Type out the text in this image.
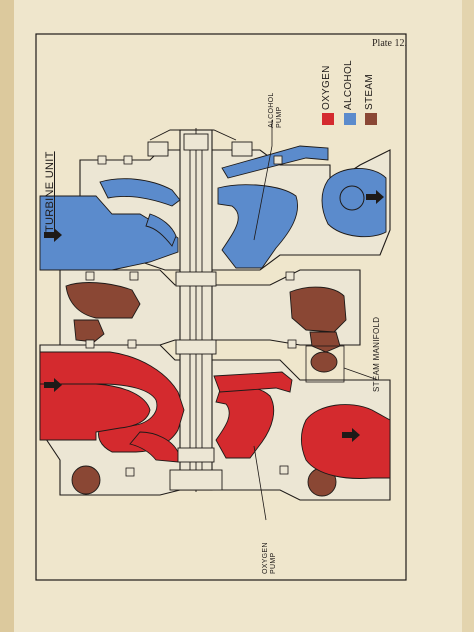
Plate 12.
TURBINE UNIT
OXYGEN ALCOHOL STEAM
ALCOHOL PUMP
OXYGEN PUMP
STEAM MANIFOLD
